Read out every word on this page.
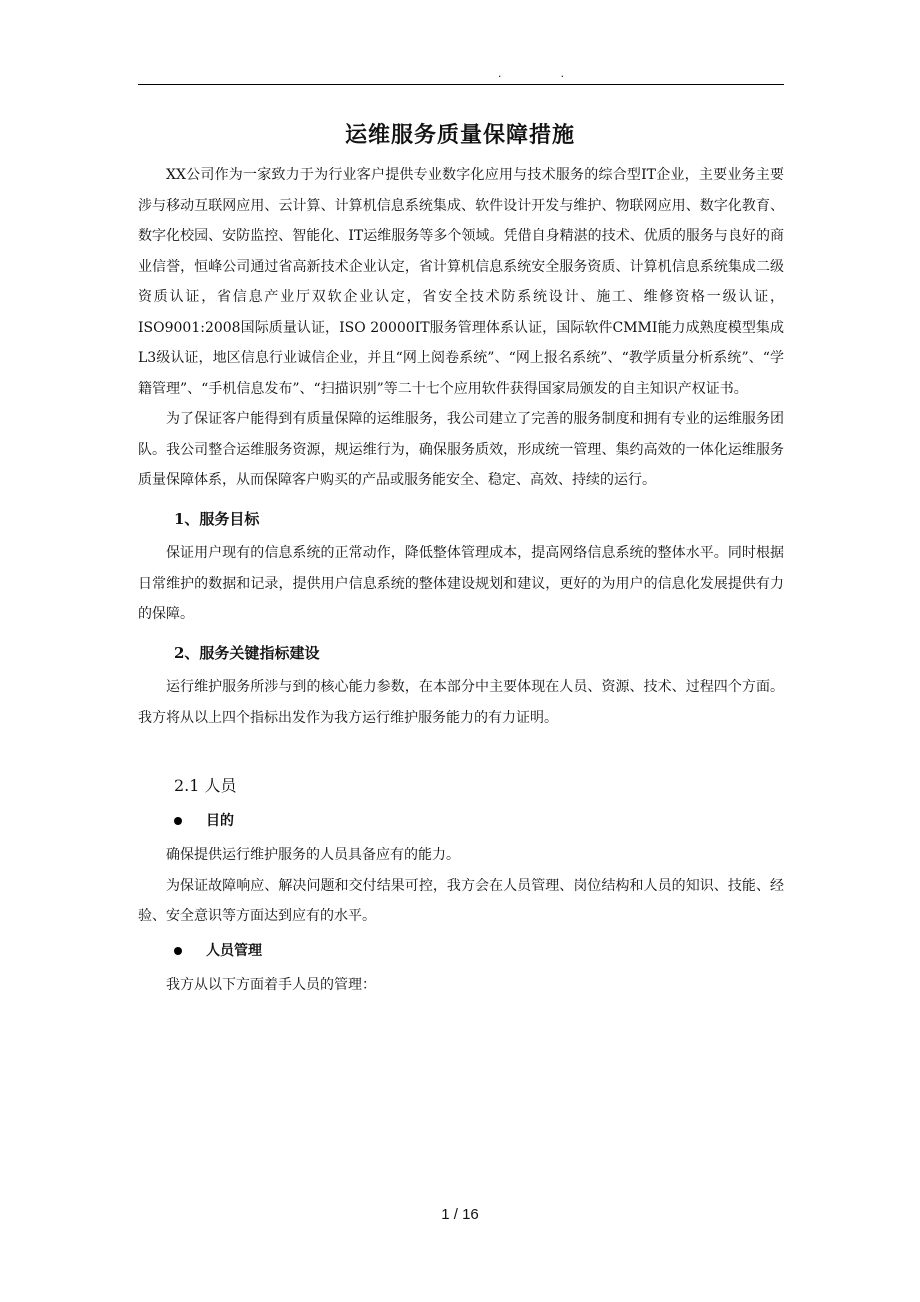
. .
运维服务质量保障措施

XX公司作为一家致力于为行业客户提供专业数字化应用与技术服务的综合型IT企业，主要业务主要涉与移动互联网应用、云计算、计算机信息系统集成、软件设计开发与维护、物联网应用、数字化教育、数字化校园、安防监控、智能化、IT运维服务等多个领域。凭借自身精湛的技术、优质的服务与良好的商业信誉，恒峰公司通过省高新技术企业认定，省计算机信息系统安全服务资质、计算机信息系统集成二级资质认证，省信息产业厅双软企业认定，省安全技术防系统设计、施工、维修资格一级认证，ISO9001:2008国际质量认证，ISO 20000IT服务管理体系认证，国际软件CMMI能力成熟度模型集成L3级认证，地区信息行业诚信企业，并且“网上阅卷系统”、“网上报名系统”、“教学质量分析系统”、“学籍管理”、“手机信息发布”、“扫描识别”等二十七个应用软件获得国家局颁发的自主知识产权证书。

为了保证客户能得到有质量保障的运维服务，我公司建立了完善的服务制度和拥有专业的运维服务团队。我公司整合运维服务资源，规运维行为，确保服务质效，形成统一管理、集约高效的一体化运维服务质量保障体系，从而保障客户购买的产品或服务能安全、稳定、高效、持续的运行。

1、服务目标

保证用户现有的信息系统的正常动作，降低整体管理成本，提高网络信息系统的整体水平。同时根据日常维护的数据和记录，提供用户信息系统的整体建设规划和建议，更好的为用户的信息化发展提供有力的保障。

2、服务关键指标建设

运行维护服务所涉与到的核心能力参数，在本部分中主要体现在人员、资源、技术、过程四个方面。我方将从以上四个指标出发作为我方运行维护服务能力的有力证明。

2.1 人员
目的

确保提供运行维护服务的人员具备应有的能力。

为保证故障响应、解决问题和交付结果可控，我方会在人员管理、岗位结构和人员的知识、技能、经验、安全意识等方面达到应有的水平。

人员管理

我方从以下方面着手人员的管理：

1 / 16
